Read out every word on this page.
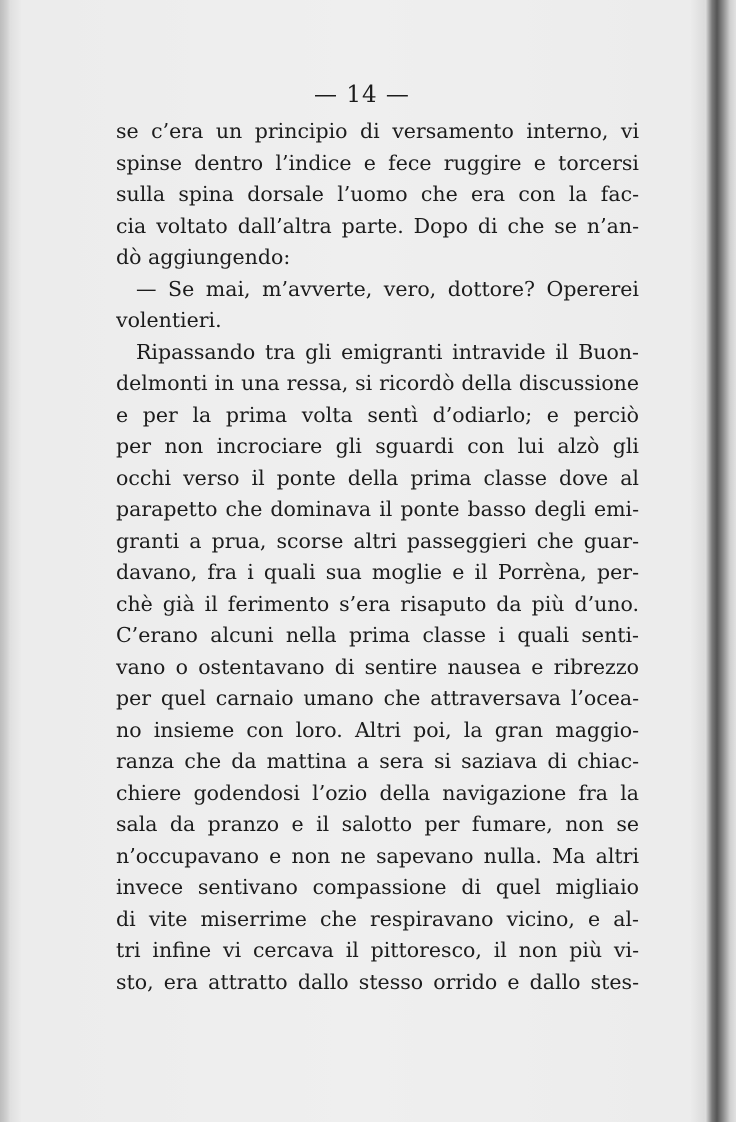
— 14 —
se c’era un principio di versamento interno, vi
spinse dentro l’indice e fece ruggire e torcersi
sulla spina dorsale l’uomo che era con la fac-
cia voltato dall’altra parte. Dopo di che se n’an-
dò aggiungendo:
— Se mai, m’avverte, vero, dottore? Opererei
volentieri.
Ripassando tra gli emigranti intravide il Buon-
delmonti in una ressa, si ricordò della discussione
e per la prima volta sentì d’odiarlo; e perciò
per non incrociare gli sguardi con lui alzò gli
occhi verso il ponte della prima classe dove al
parapetto che dominava il ponte basso degli emi-
granti a prua, scorse altri passeggieri che guar-
davano, fra i quali sua moglie e il Porrèna, per-
chè già il ferimento s’era risaputo da più d’uno.
C’erano alcuni nella prima classe i quali senti-
vano o ostentavano di sentire nausea e ribrezzo
per quel carnaio umano che attraversava l’ocea-
no insieme con loro. Altri poi, la gran maggio-
ranza che da mattina a sera si saziava di chiac-
chiere godendosi l’ozio della navigazione fra la
sala da pranzo e il salotto per fumare, non se
n’occupavano e non ne sapevano nulla. Ma altri
invece sentivano compassione di quel migliaio
di vite miserrime che respiravano vicino, e al-
tri infine vi cercava il pittoresco, il non più vi-
sto, era attratto dallo stesso orrido e dallo stes-
